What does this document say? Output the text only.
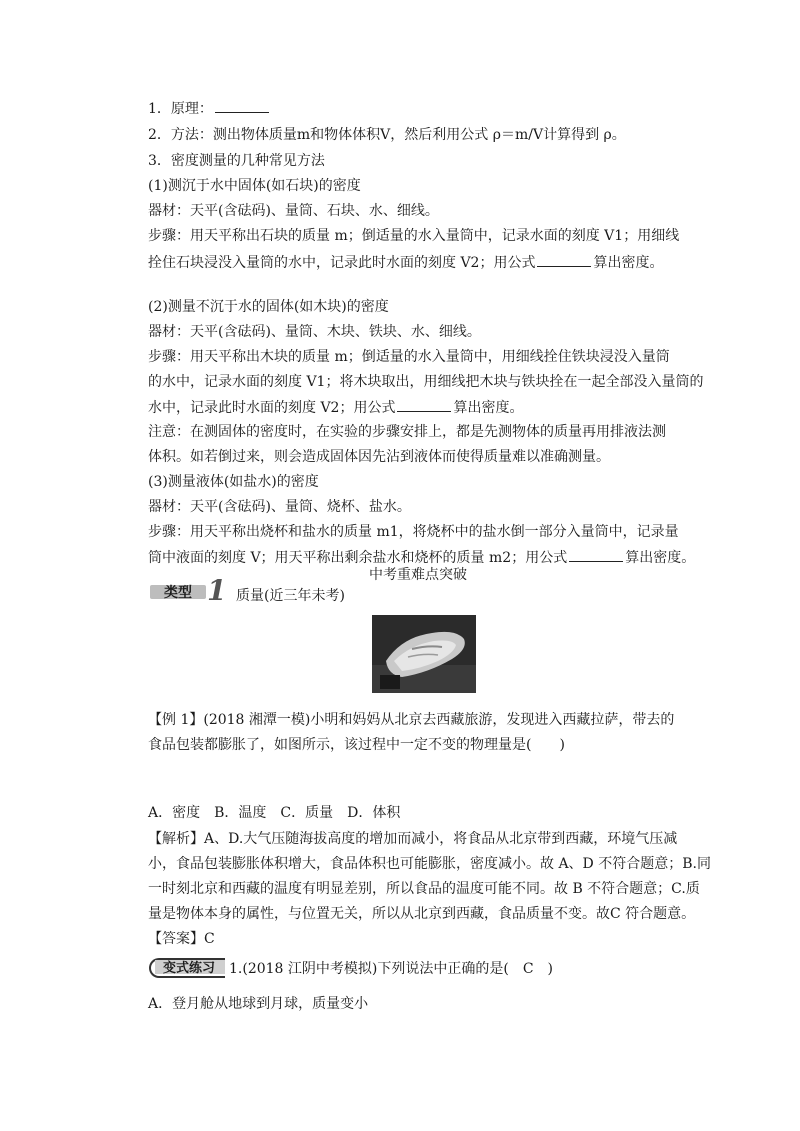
1．原理：
2．方法：测出物体质量m和物体体积V，然后利用公式 ρ＝m/V计算得到 ρ。
3．密度测量的几种常见方法
(1)测沉于水中固体(如石块)的密度
器材：天平(含砝码)、量筒、石块、水、细线。
步骤：用天平称出石块的质量 m；倒适量的水入量筒中，记录水面的刻度 V1；用细线
拴住石块浸没入量筒的水中，记录此时水面的刻度 V2；用公式	算出密度。
(2)测量不沉于水的固体(如木块)的密度
器材：天平(含砝码)、量筒、木块、铁块、水、细线。
步骤：用天平称出木块的质量 m；倒适量的水入量筒中，用细线拴住铁块浸没入量筒
的水中，记录水面的刻度 V1；将木块取出，用细线把木块与铁块拴在一起全部没入量筒的
水中，记录此时水面的刻度 V2；用公式	算出密度。
注意：在测固体的密度时，在实验的步骤安排上，都是先测物体的质量再用排液法测
体积。如若倒过来，则会造成固体因先沾到液体而使得质量难以准确测量。
(3)测量液体(如盐水)的密度
器材：天平(含砝码)、量筒、烧杯、盐水。
步骤：用天平称出烧杯和盐水的质量 m1，将烧杯中的盐水倒一部分入量筒中，记录量
筒中液面的刻度 V；用天平称出剩余盐水和烧杯的质量 m2；用公式	算出密度。
中考重难点突破
类型 1 质量(近三年未考)
【例 1】(2018 湘潭一模)小明和妈妈从北京去西藏旅游，发现进入西藏拉萨，带去的
食品包装都膨胀了，如图所示，该过程中一定不变的物理量是(　　)
A．密度　B．温度　C．质量　D．体积
【解析】A、D.大气压随海拔高度的增加而减小，将食品从北京带到西藏，环境气压减
小，食品包装膨胀体积增大，食品体积也可能膨胀，密度减小。故 A、D 不符合题意；B.同
一时刻北京和西藏的温度有明显差别，所以食品的温度可能不同。故 B 不符合题意；C.质
量是物体本身的属性，与位置无关，所以从北京到西藏，食品质量不变。故C 符合题意。
【答案】C
变式练习 1.(2018 江阴中考模拟)下列说法中正确的是(　C　)
A．登月舱从地球到月球，质量变小
